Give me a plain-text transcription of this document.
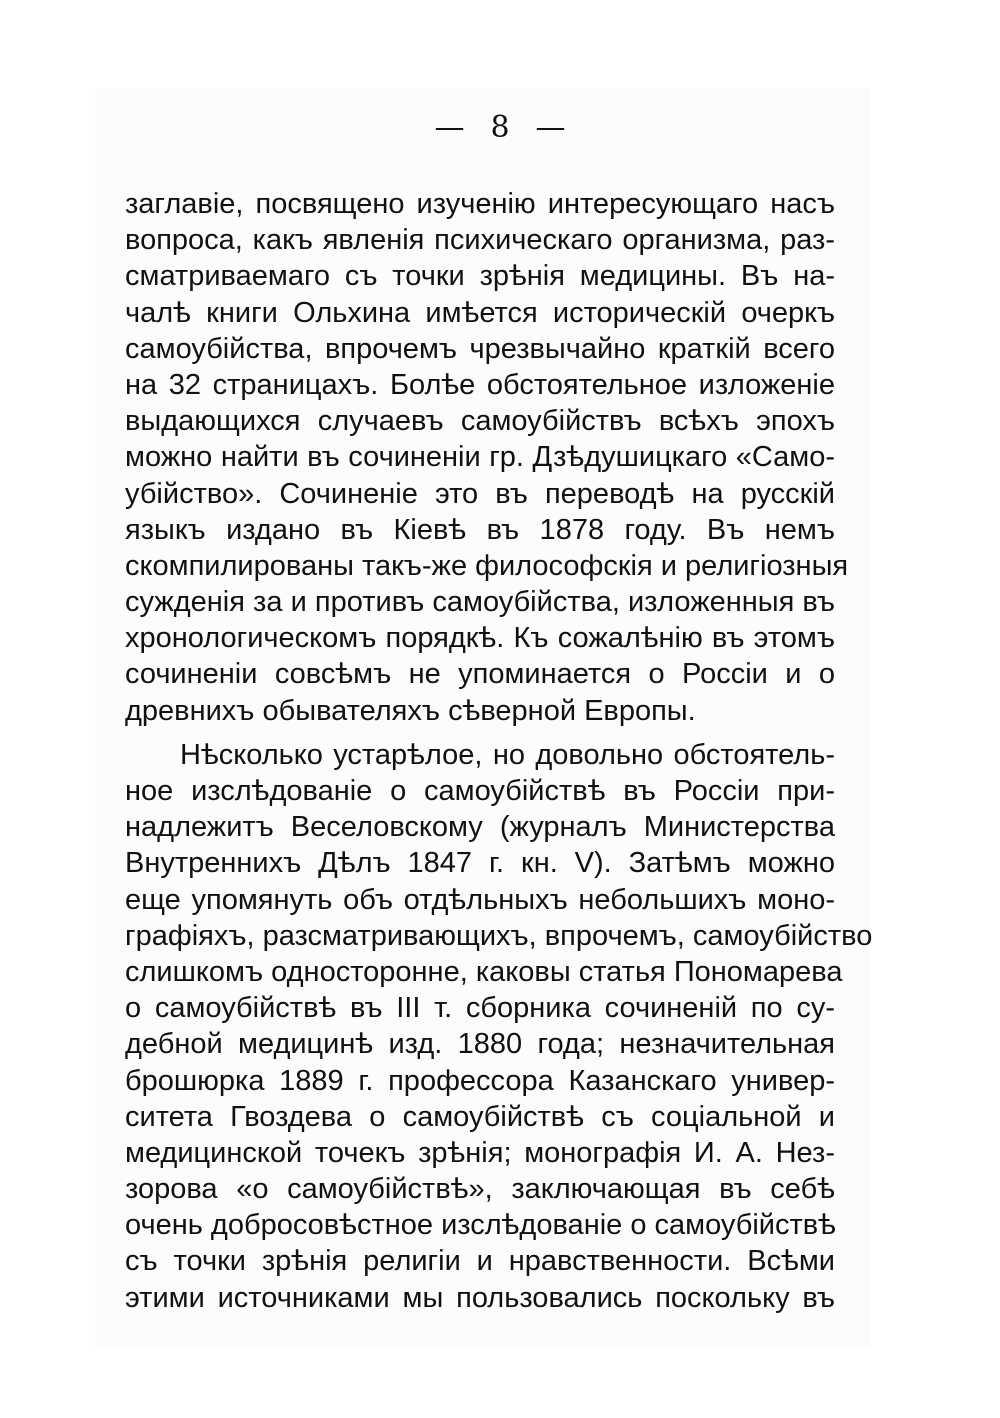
— 8 —
заглавіе, посвящено изученію интересующаго насъ
вопроса, какъ явленія психическаго организма, раз-
сматриваемаго съ точки зрѣнія медицины. Въ на-
чалѣ книги Ольхина имѣется историческій очеркъ
самоубійства, впрочемъ чрезвычайно краткій всего
на 32 страницахъ. Болѣе обстоятельное изложеніе
выдающихся случаевъ самоубійствъ всѣхъ эпохъ
можно найти въ сочиненіи гр. Дзѣдушицкаго «Само-
убійство». Сочиненіе это въ переводѣ на русскій
языкъ издано въ Кіевѣ въ 1878 году. Въ немъ
скомпилированы такъ-же философскія и религіозныя
сужденія за и противъ самоубійства, изложенныя въ
хронологическомъ порядкѣ. Къ сожалѣнію въ этомъ
сочиненіи совсѣмъ не упоминается о Россіи и о
древнихъ обывателяхъ сѣверной Европы.
Нѣсколько устарѣлое, но довольно обстоятель-
ное изслѣдованіе о самоубійствѣ въ Россіи при-
надлежитъ Веселовскому (журналъ Министерства
Внутреннихъ Дѣлъ 1847 г. кн. V). Затѣмъ можно
еще упомянуть объ отдѣльныхъ небольшихъ моно-
графіяхъ, разсматривающихъ, впрочемъ, самоубійство
слишкомъ односторонне, каковы статья Пономарева
о самоубійствѣ въ III т. сборника сочиненій по су-
дебной медицинѣ изд. 1880 года; незначительная
брошюрка 1889 г. профессора Казанскаго универ-
ситета Гвоздева о самоубійствѣ съ соціальной и
медицинской точекъ зрѣнія; монографія И. А. Нез-
зорова «о самоубійствѣ», заключающая въ себѣ
очень добросовѣстное изслѣдованіе о самоубійствѣ
съ точки зрѣнія религіи и нравственности. Всѣми
этими источниками мы пользовались поскольку въ
